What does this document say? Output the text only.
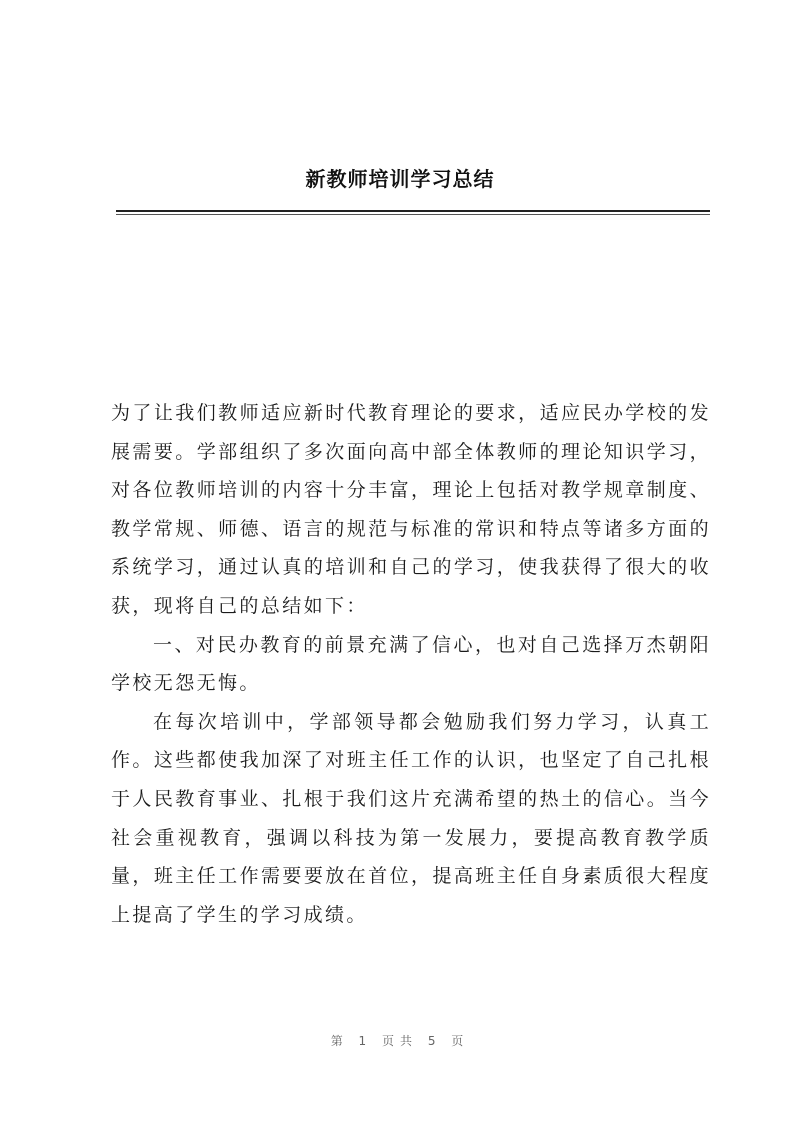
新教师培训学习总结

为了让我们教师适应新时代教育理论的要求，适应民办学校的发展需要。学部组织了多次面向高中部全体教师的理论知识学习，对各位教师培训的内容十分丰富，理论上包括对教学规章制度、教学常规、师德、语言的规范与标准的常识和特点等诸多方面的系统学习，通过认真的培训和自己的学习，使我获得了很大的收获，现将自己的总结如下：

一、对民办教育的前景充满了信心，也对自己选择万杰朝阳学校无怨无悔。

在每次培训中，学部领导都会勉励我们努力学习，认真工作。这些都使我加深了对班主任工作的认识，也坚定了自己扎根于人民教育事业、扎根于我们这片充满希望的热土的信心。当今社会重视教育，强调以科技为第一发展力，要提高教育教学质量，班主任工作需要要放在首位，提高班主任自身素质很大程度上提高了学生的学习成绩。

第 1 页共 5 页
